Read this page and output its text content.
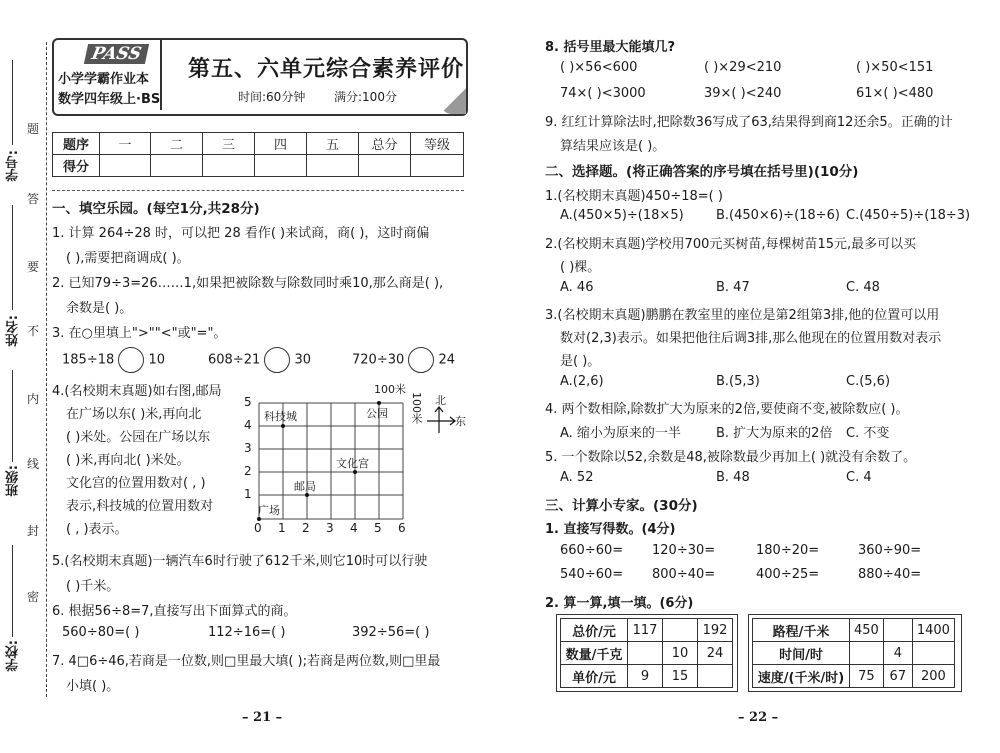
题
答
要
不
内
线
封
密
学号:
姓名:
班级:
学校:
PASS
小学学霸作业本
数学四年级上·BS
第五、六单元综合素养评价
时间:60分钟 满分:100分
题序	一	二	三	四	五	总分	等级
得分							
一、填空乐园。(每空1分,共28分)
1. 计算 264÷28 时，可以把 28 看作( )来试商，商( )，这时商偏
( ),需要把商调成( )。
2. 已知79÷3=26……1,如果把被除数与除数同时乘10,那么商是( ),
余数是( )。
3. 在○里填上">""<"或"="。
185÷18	10	608÷21	30	720÷30	24
4.(名校期末真题)如右图,邮局
在广场以东( )米,再向北
( )米处。公园在广场以东
( )米,再向北( )米处。
文化宫的位置用数对( , )
表示,科技城的位置用数对
( , )表示。
5
4
3
2
1
0 1 2 3 4 5 6
科技城	公园
文化宫
邮局
广场
100米
100米 北
东
5.(名校期末真题)一辆汽车6时行驶了612千米,则它10时可以行驶
( )千米。
6. 根据56÷8=7,直接写出下面算式的商。
560÷80=( )	112÷16=( )	392÷56=( )
7. 4□6÷46,若商是一位数,则□里最大填( );若商是两位数,则□里最
小填( )。
– 21 –
8. 括号里最大能填几?
( )×56<600	( )×29<210	( )×50<151
74×( )<3000	39×( )<240	61×( )<480
9. 红红计算除法时,把除数36写成了63,结果得到商12还余5。正确的计
算结果应该是( )。
二、选择题。(将正确答案的序号填在括号里)(10分)
1.(名校期末真题)450÷18=( )
A.(450×5)÷(18×5) B.(450×6)÷(18÷6) C.(450÷5)÷(18÷3)
2.(名校期末真题)学校用700元买树苗,每棵树苗15元,最多可以买
( )棵。
A. 46	B. 47	C. 48
3.(名校期末真题)鹏鹏在教室里的座位是第2组第3排,他的位置可以用
数对(2,3)表示。如果把他往后调3排,那么他现在的位置用数对表示
是( )。
A.(2,6)	B.(5,3)	C.(5,6)
4. 两个数相除,除数扩大为原来的2倍,要使商不变,被除数应( )。
A. 缩小为原来的一半	B. 扩大为原来的2倍 C. 不变
5. 一个数除以52,余数是48,被除数最少再加上( )就没有余数了。
A. 52	B. 48	C. 4
三、计算小专家。(30分)
1. 直接写得数。(4分)
660÷60= 120÷30=	180÷20=	360÷90=
540÷60= 800÷40=	400÷25=	880÷40=
2. 算一算,填一填。(6分)
总价/元	117		192
数量/千克		10	24
单价/元	9	15	
路程/千米	450		1400
时间/时		4	
速度/(千米/时)	75	67	200
– 22 –
